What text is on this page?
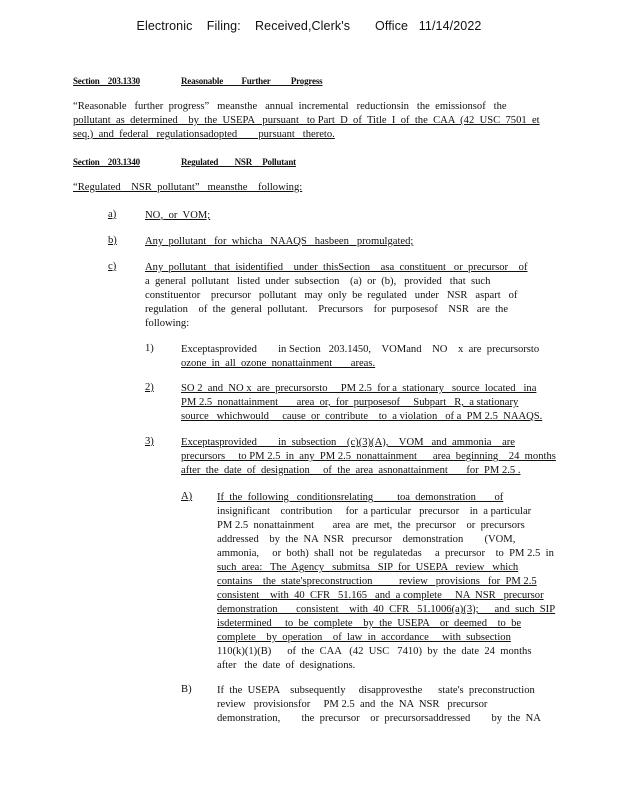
Electronic    Filing:    Received,Clerk's       Office   11/14/2022
Section    203.1330	Reasonable         Further          Progress
“Reasonable   further  progress”   meansthe   annual  incremental   reductionsin   the  emissionsof   the
pollutant  as  determined    by  the  USEPA   pursuant   to Part  D  of  Title  I  of  the  CAA  (42  USC  7501  et
seq.)  and  federal   regulationsadopted        pursuant   thereto.
Section    203.1340	Regulated        NSR     Pollutant
“Regulated    NSR  pollutant”   meansthe    following:
a)	$NO_x$  or  VOM;
b)	Any  pollutant   for  whicha   NAAQS   hasbeen   promulgated;
c)	Any  pollutant   that  isidentified    under  thisSection    asa  constituent   or  precursor    of
a  general  pollutant   listed  under  subsection    (a)  or  (b),   provided   that  such
constituentor    precursor   pollutant   may  only  be  regulated   under   NSR   aspart   of
regulation    of  the  general  pollutant.    Precursors    for  purposesof    NSR   are  the
following:
1)	Exceptasprovided        in Section   203.1450,    VOMand    NO    x  are  precursorsto
ozone  in  all  ozone  nonattainment       areas.
2)	SO 2  and  NO x  are  precursorsto     PM 2.5  for a  stationary   source  located   ina
PM 2.5  nonattainment       area  or,  for  purposesof     Subpart   R,  a stationary
source   whichwould     cause  or  contribute    to  a violation   of a  PM 2.5  NAAQS.
3)	Exceptasprovided        in  subsection    (c)(3)(A),    VOM   and  ammonia    are
precursors     to PM 2.5  in  any  PM 2.5  nonattainment      area  beginning    24  months
after  the  date  of  designation     of  the  area  asnonattainment       for  PM 2.5 .
A) If  the  following   conditionsrelating         toa  demonstration       of
insignificant    contribution     for  a particular   precursor    in  a particular
PM 2.5  nonattainment       area  are  met,  the  precursor    or  precursors
addressed    by  the  NA  NSR   precursor    demonstration        (VOM,
ammonia,     or  both)  shall  not  be  regulatedas     a  precursor    to  PM 2.5  in
such  area:   The  Agency   submitsa   SIP  for  USEPA   review   which
contains    the  state'spreconstruction          review   provisions   for  PM 2.5
consistent    with  40  CFR   51.165   and  a complete     NA  NSR   precursor
demonstration       consistent    with  40  CFR   51.1006(a)(3);      and  such  SIP
isdetermined     to  be  complete    by  the  USEPA    or  deemed    to  be
complete    by  operation    of  law  in  accordance     with  subsection
110(k)(1)(B)      of  the  CAA   (42  USC   7410)  by  the  date  24  months
after   the  date  of  designations.
B) If  the  USEPA    subsequently     disapprovesthe      state's  preconstruction
review   provisionsfor     PM 2.5  and  the  NA  NSR   precursor
demonstration,        the  precursor    or  precursorsaddressed        by  the  NA
